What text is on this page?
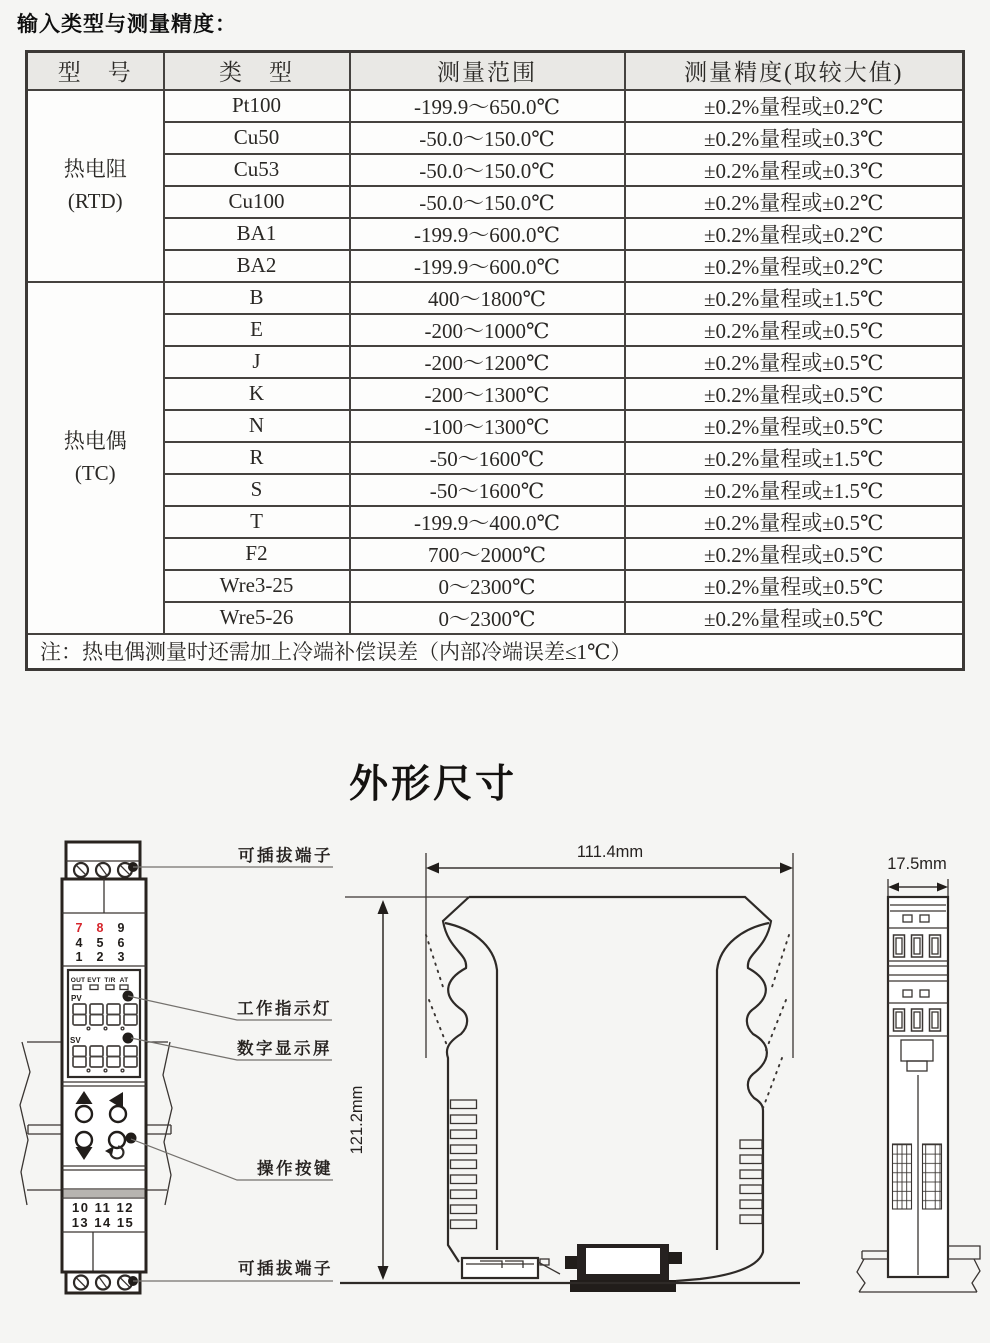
输入类型与测量精度：
型　号	类　型	测量范围	测量精度(取较大值)

热电阻
(RTD)	Pt100	-199.9～650.0℃	±0.2%量程或±0.2℃
	Cu50	-50.0～150.0℃	±0.2%量程或±0.3℃
	Cu53	-50.0～150.0℃	±0.2%量程或±0.3℃
	Cu100	-50.0～150.0℃	±0.2%量程或±0.2℃
	BA1	-199.9～600.0℃	±0.2%量程或±0.2℃
	BA2	-199.9～600.0℃	±0.2%量程或±0.2℃

热电偶
(TC)	B	400～1800℃	±0.2%量程或±1.5℃
	E	-200～1000℃	±0.2%量程或±0.5℃
	J	-200～1200℃	±0.2%量程或±0.5℃
	K	-200～1300℃	±0.2%量程或±0.5℃
	N	-100～1300℃	±0.2%量程或±0.5℃
	R	-50～1600℃	±0.2%量程或±1.5℃
	S	-50～1600℃	±0.2%量程或±1.5℃
	T	-199.9～400.0℃	±0.2%量程或±0.5℃
	F2	700～2000℃	±0.2%量程或±0.5℃
	Wre3-25	0～2300℃	±0.2%量程或±0.5℃
	Wre5-26	0～2300℃	±0.2%量程或±0.5℃
注：热电偶测量时还需加上冷端补偿误差（内部冷端误差≤1℃）			
外形尺寸
7 8 9
4 5 6
1 2 3
OUT EVT T/R AT
PV
SV
10 11 12
13 14 15
可插拔端子
工作指示灯
数字显示屏
操作按键
可插拔端子
111.4mm
121.2mm
17.5mm
